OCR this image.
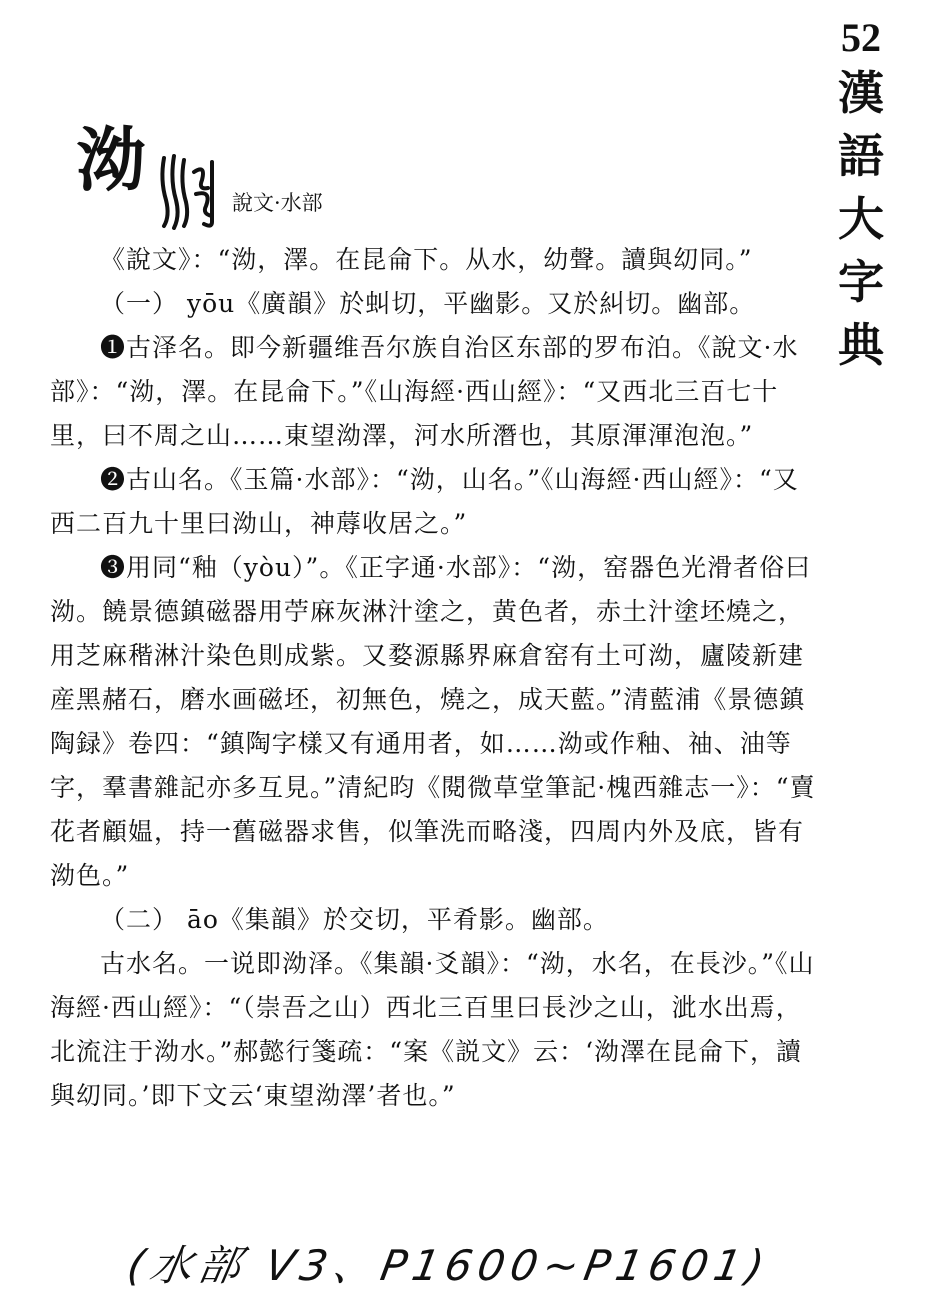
52
漢
語
大
字
典
泑
說文·水部

《說文》：“泑，澤。在昆侖下。从水，幼聲。讀與㓜同。”

（一） yōu《廣韻》於虯切，平幽影。又於糾切。幽部。

❶古泽名。即今新疆维吾尔族自治区东部的罗布泊。《說文·水部》：“泑，澤。在昆侖下。”《山海經·西山經》：“又西北三百七十里，曰不周之山……東望泑澤，河水所潛也，其原渾渾泡泡。”

❷古山名。《玉篇·水部》：“泑，山名。”《山海經·西山經》：“又西二百九十里曰泑山，神蓐收居之。”

❸用同“釉（yòu）”。《正字通·水部》：“泑，窑器色光滑者俗曰泑。饒景德鎮磁器用苧麻灰淋汁塗之，黄色者，赤土汁塗坯燒之，用芝麻稭淋汁染色則成紫。又婺源縣界麻倉窑有土可泑，廬陵新建産黑赭石，磨水画磁坯，初無色，燒之，成天藍。”清藍浦《景德鎮陶録》卷四：“鎮陶字樣又有通用者，如……泑或作釉、䄂、油等字，羣書雜記亦多互見。”清紀昀《閱微草堂筆記·槐西雜志一》：“賣花者顧媪，持一舊磁器求售，似筆洗而略淺，四周内外及底，皆有泑色。”

（二） āo《集韻》於交切，平肴影。幽部。

古水名。一说即泑泽。《集韻·爻韻》：“泑，水名，在長沙。”《山海經·西山經》：“（崇吾之山）西北三百里曰長沙之山，泚水出焉，北流注于泑水。”郝懿行箋疏：“案《説文》云：‘泑澤在昆侖下，讀與㓜同。’即下文云‘東望泑澤’者也。”

(水部 V3、P1600~P1601)
